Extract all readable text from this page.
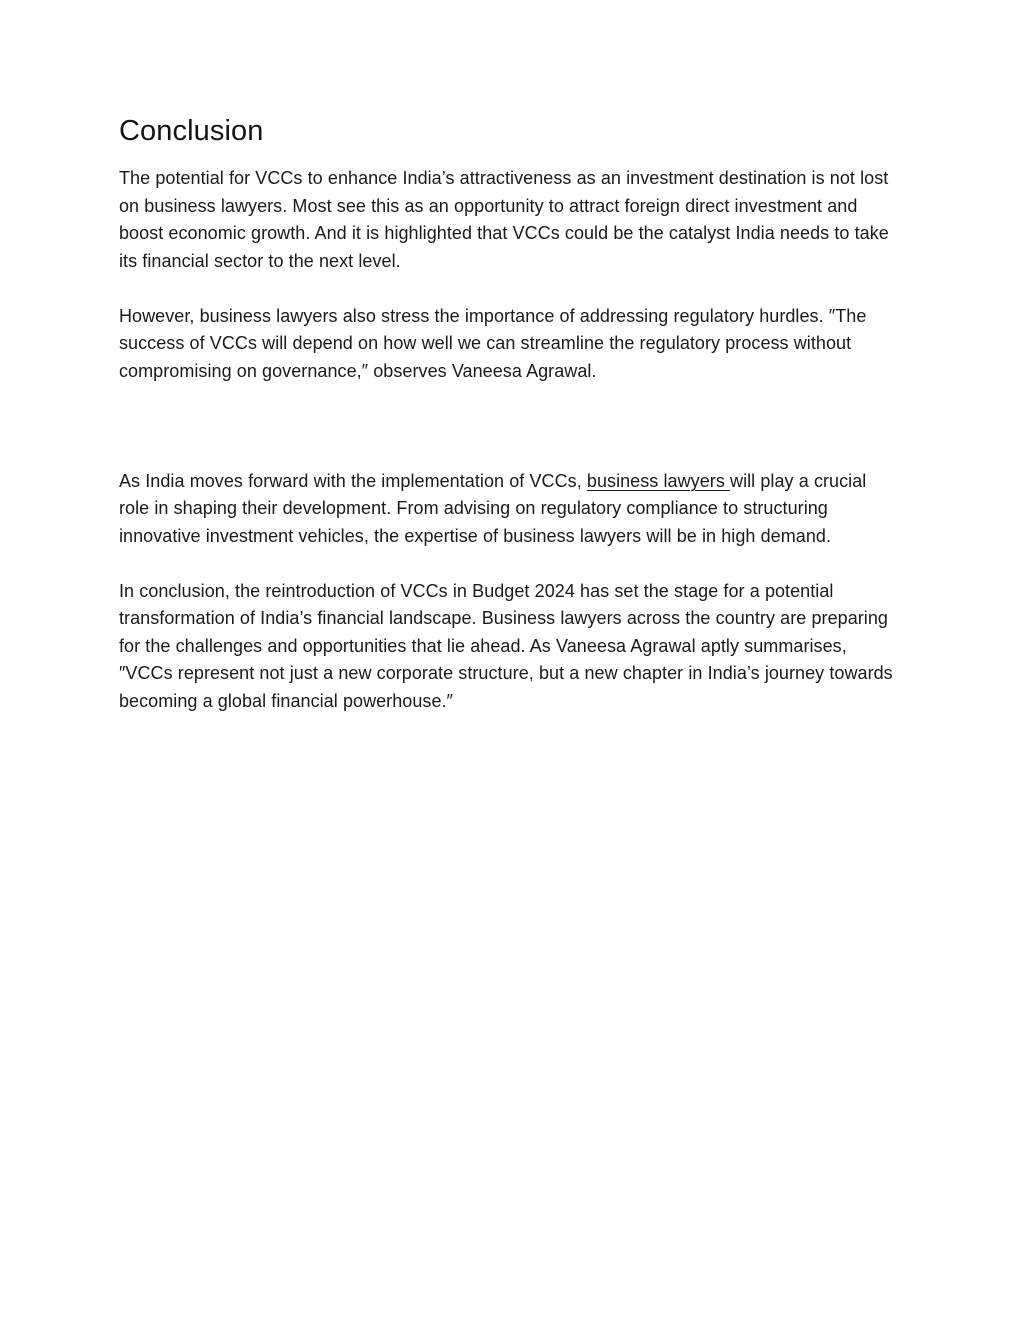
Conclusion

The potential for VCCs to enhance India’s attractiveness as an investment destination is not lost on business lawyers. Most see this as an opportunity to attract foreign direct investment and boost economic growth. And it is highlighted that VCCs could be the catalyst India needs to take its financial sector to the next level.

However, business lawyers also stress the importance of addressing regulatory hurdles. ″The success of VCCs will depend on how well we can streamline the regulatory process without compromising on governance,″ observes Vaneesa Agrawal.

As India moves forward with the implementation of VCCs, business lawyers will play a crucial role in shaping their development. From advising on regulatory compliance to structuring innovative investment vehicles, the expertise of business lawyers will be in high demand.

In conclusion, the reintroduction of VCCs in Budget 2024 has set the stage for a potential transformation of India’s financial landscape. Business lawyers across the country are preparing for the challenges and opportunities that lie ahead. As Vaneesa Agrawal aptly summarises, ″VCCs represent not just a new corporate structure, but a new chapter in India’s journey towards becoming a global financial powerhouse.″
